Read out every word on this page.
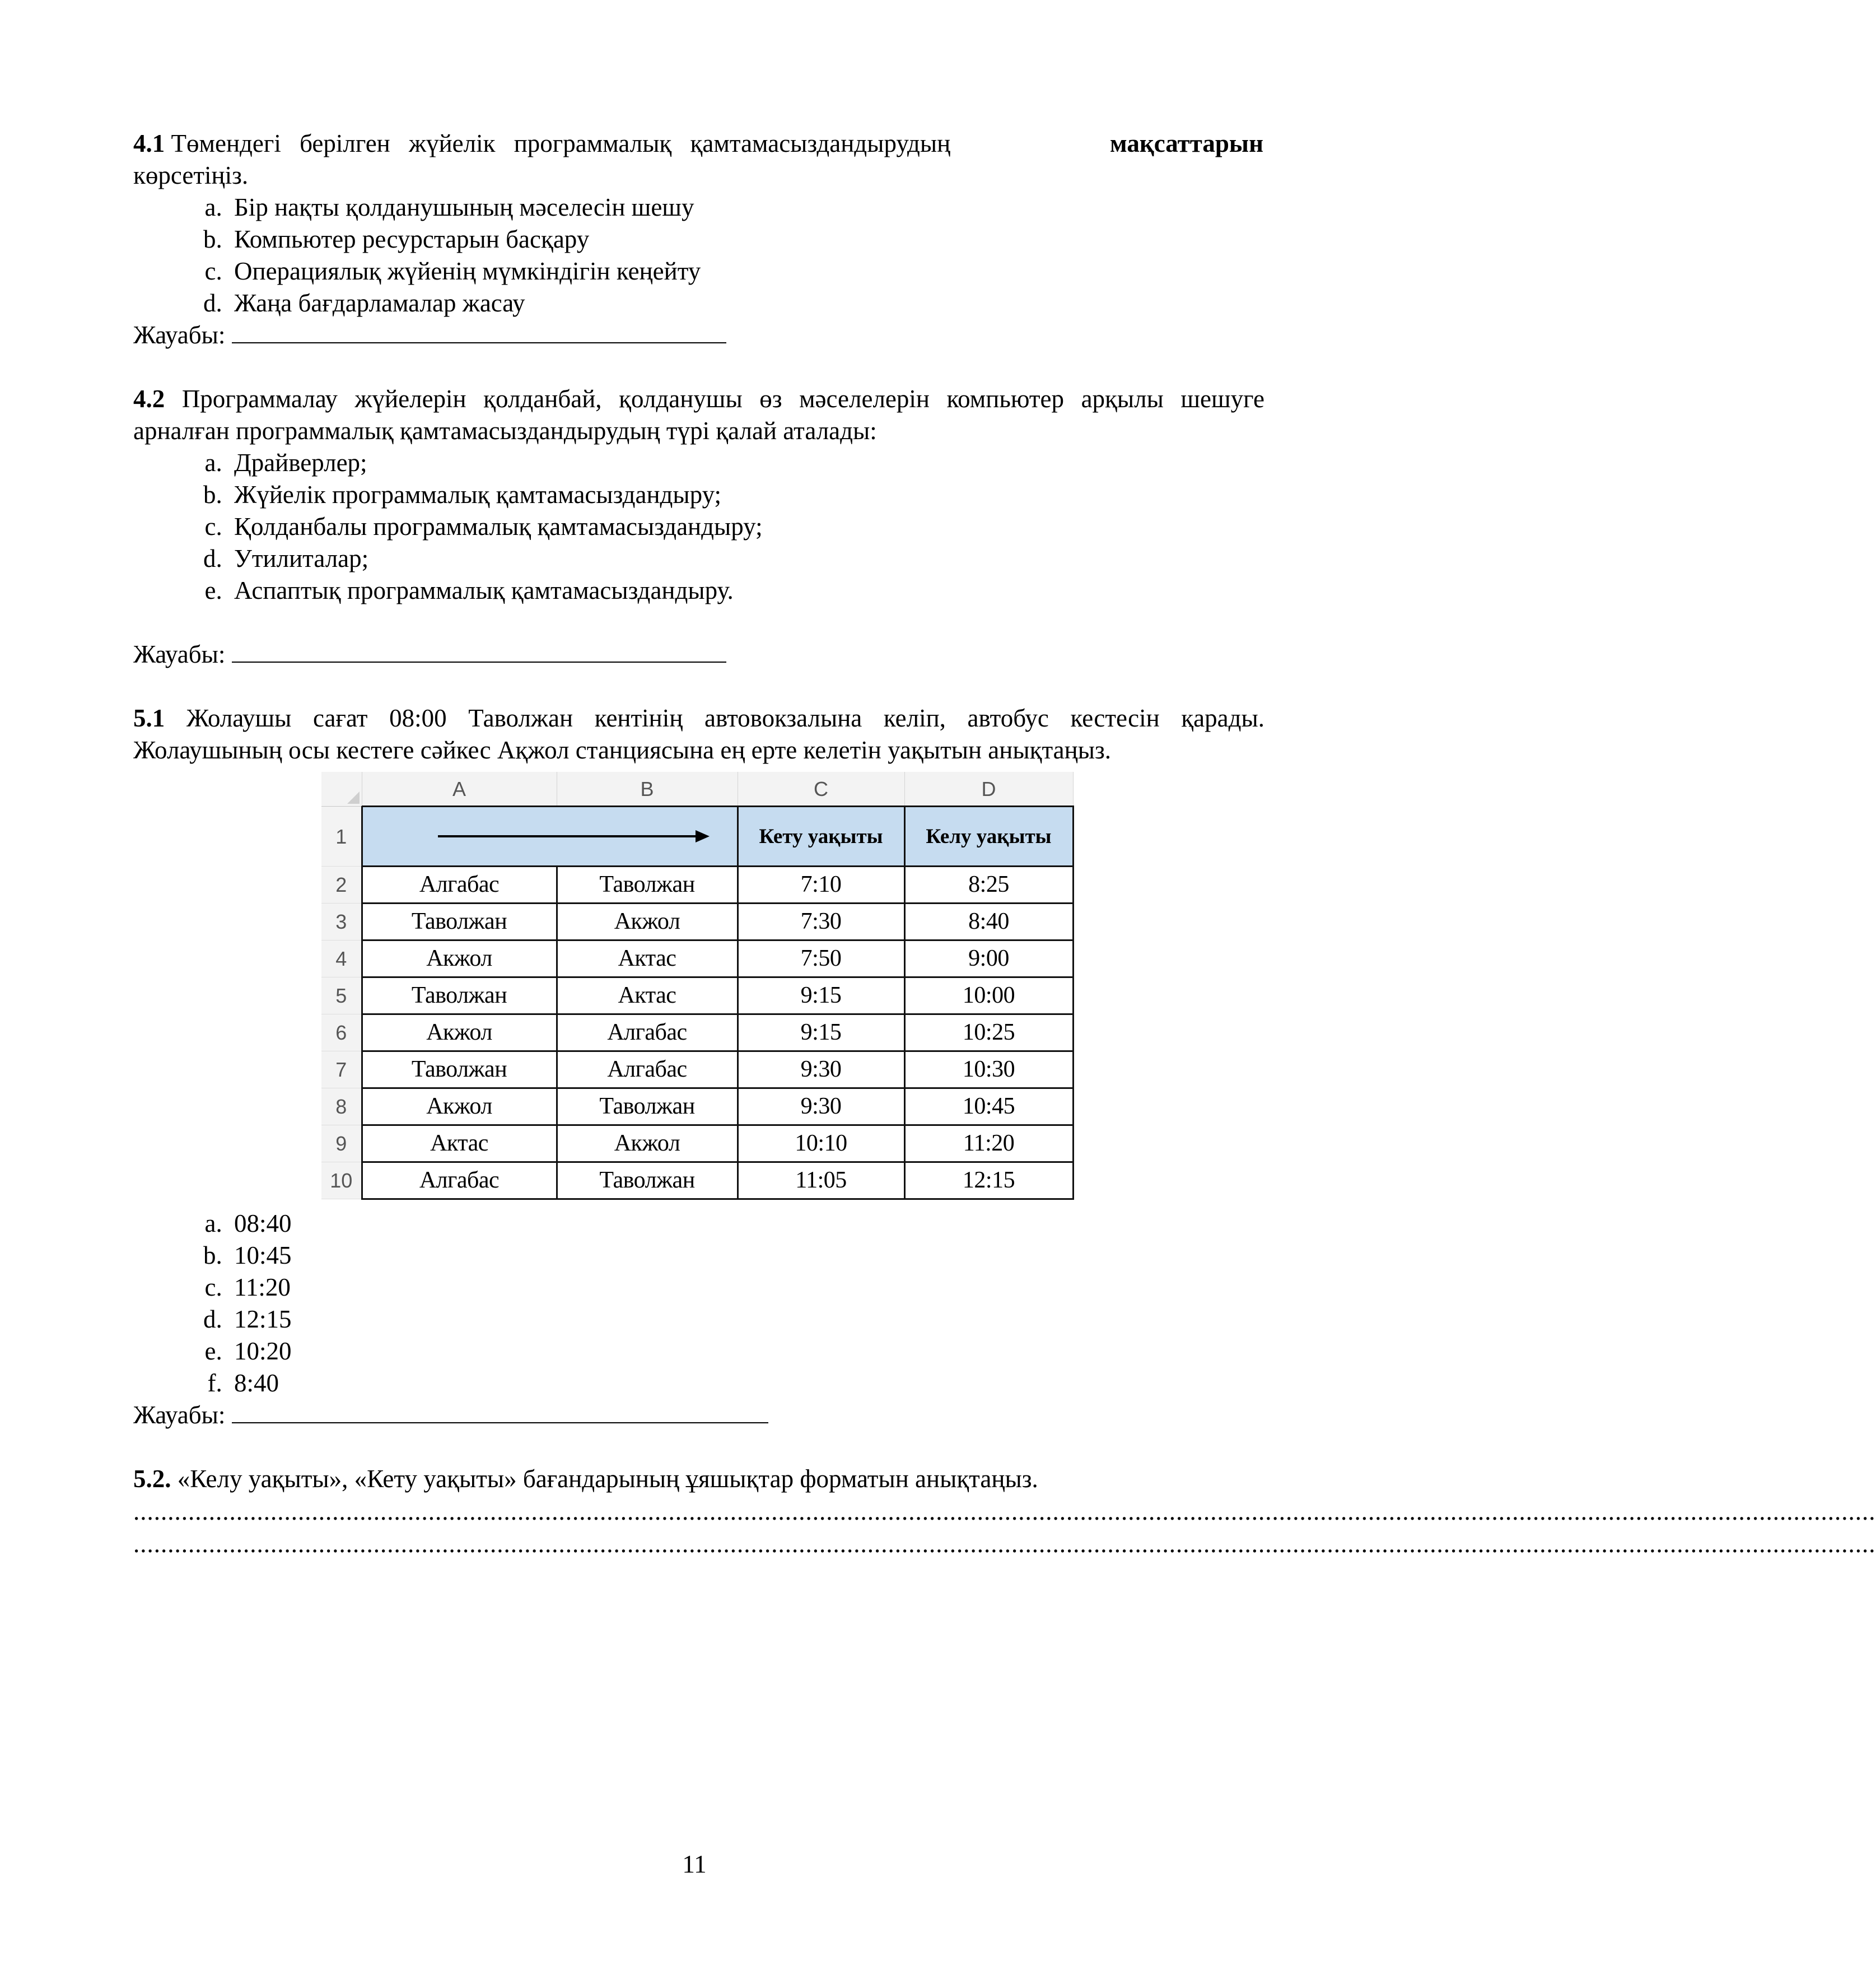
4.1 Төмендегі берілген жүйелік программалық қамтамасыздандырудың	мақсаттарын

көрсетіңіз.

a. Бір нақты қолданушының мәселесін шешу
b. Компьютер ресурстарын басқару
c. Операциялық жүйенің мүмкіндігін кеңейту
d. Жаңа бағдарламалар жасау

Жауабы:

4.2 Программалау жүйелерін қолданбай, қолданушы өз мәселелерін компьютер арқылы шешуге арналған программалық қамтамасыздандырудың түрі қалай аталады:

a. Драйверлер;
b. Жүйелік программалық қамтамасыздандыру;
c. Қолданбалы программалық қамтамасыздандыру;
d. Утилиталар;
e. Аспаптық программалық қамтамасыздандыру.

Жауабы:

5.1 Жолаушы сағат 08:00 Таволжан кентінің автовокзалына келіп, автобус кестесін қарады. Жолаушының осы кестеге сәйкес Ақжол станциясына ең ерте келетін уақытын анықтаңыз.

	A	B	C	D
1			Кету уақыты	Келу уақыты
2	Алгабас	Таволжан	7:10	8:25
3	Таволжан	Акжол	7:30	8:40
4	Акжол	Актас	7:50	9:00
5	Таволжан	Актас	9:15	10:00
6	Акжол	Алгабас	9:15	10:25
7	Таволжан	Алгабас	9:30	10:30
8	Акжол	Таволжан	9:30	10:45
9	Актас	Акжол	10:10	11:20
10	Алгабас	Таволжан	11:05	12:15
a. 08:40
b. 10:45
c. 11:20
d. 12:15
e. 10:20
f. 8:40

Жауабы:

5.2. «Келу уақыты», «Кету уақыты» бағандарының ұяшықтар форматын анықтаңыз.

..............................................................................................................................................................................................................................................................
..............................................................................................................................................................................................................................................................
11
